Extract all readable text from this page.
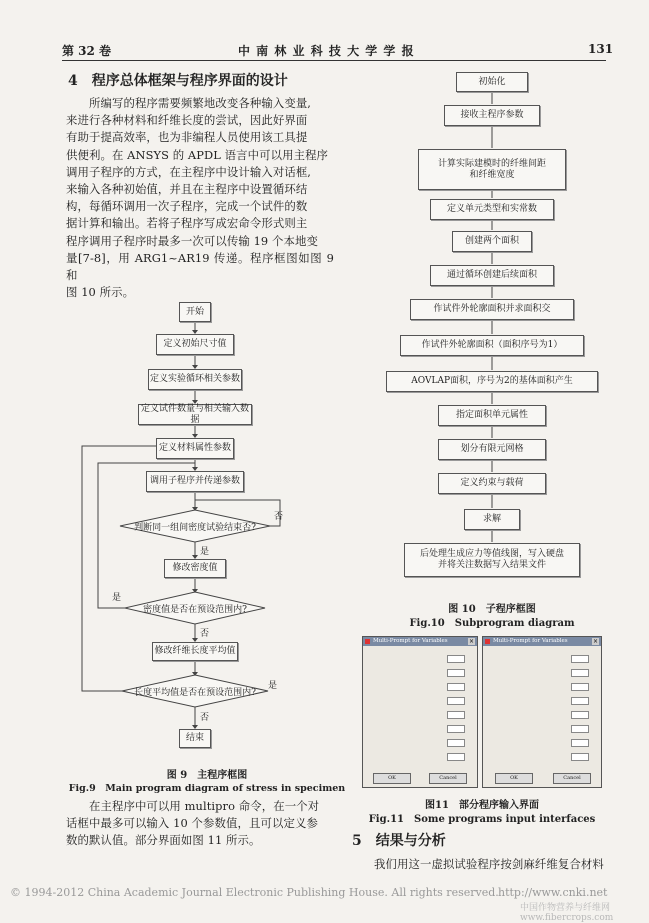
第 32 卷	中 南 林 业 科 技 大 学 学 报	131
4　程序总体框架与程序界面的设计
　　所编写的程序需要频繁地改变各种输入变量,
来进行各种材料和纤维长度的尝试，因此好界面
有助于提高效率，也为非编程人员使用该工具提
供便利。在 ANSYS 的 APDL 语言中可以用主程序
调用子程序的方式，在主程序中设计输入对话框,
来输入各种初始值，并且在主程序中设置循环结
构，每循环调用一次子程序，完成一个试件的数
据计算和输出。若将子程序写成宏命令形式则主
程序调用子程序时最多一次可以传输 19 个本地变
量[7-8]，用 ARG1~AR19 传递。程序框图如图 9 和
图 10 所示。
开始
定义初始尺寸值
定义实验循环相关参数
定义试件数量与相关输入数据
定义材料属性参数
调用子程序并传递参数
判断同一组间密度试验结束否?
否
是
修改密度值
密度值是否在预设范围内?
是
否
修改纤维长度平均值
长度平均值是否在预设范围内?
是
否
结束
图 9　主程序框图
Fig.9　Main program diagram of stress in specimen
　　在主程序中可以用 multipro 命令，在一个对
话框中最多可以输入 10 个参数值，且可以定义参
数的默认值。部分界面如图 11 所示。
初始化
接收主程序参数
计算实际建模时的纤维间距和纤维宽度
定义单元类型和实常数
创建两个面积
通过循环创建后续面积
作试件外轮廓面积并求面积交
作试件外轮廓面积（面积序号为1）
AOVLAP面积，序号为2的基体面积产生
指定面积单元属性
划分有限元网格
定义约束与载荷
求解
后处理生成应力等值线图，写入硬盘并将关注数据写入结果文件
图 10　子程序框图
Fig.10　Subprogram diagram
Multi-Prompt for Variables	×
OK	Cancel
Multi-Prompt for Variables	×
OK	Cancel
图11　部分程序输入界面
Fig.11　Some programs input interfaces
5　结果与分析
我们用这一虚拟试验程序按剑麻纤维复合材料
© 1994-2012 China Academic Journal Electronic Publishing House. All rights reserved. http://www.cnki.net
中国作物营养与纤维网 www.fibercrops.com
